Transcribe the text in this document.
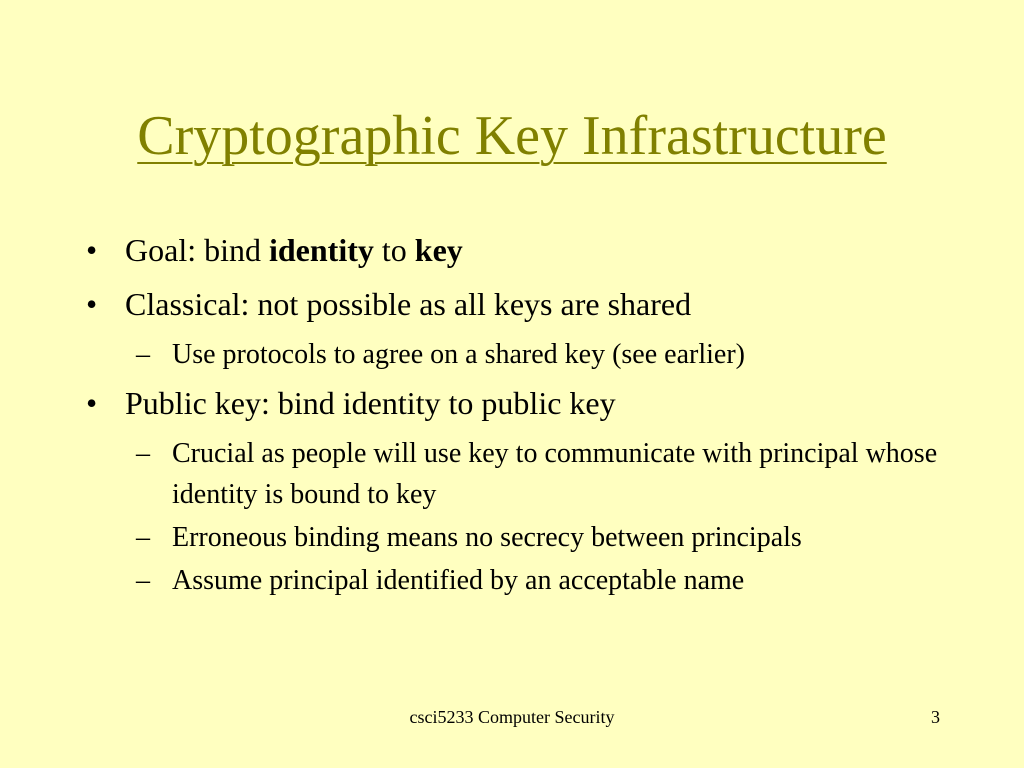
Cryptographic Key Infrastructure
• Goal: bind identity to key
• Classical: not possible as all keys are shared
– Use protocols to agree on a shared key (see earlier)
• Public key: bind identity to public key
– Crucial as people will use key to communicate with principal whose identity is bound to key
– Erroneous binding means no secrecy between principals
– Assume principal identified by an acceptable name
csci5233 Computer Security	3
